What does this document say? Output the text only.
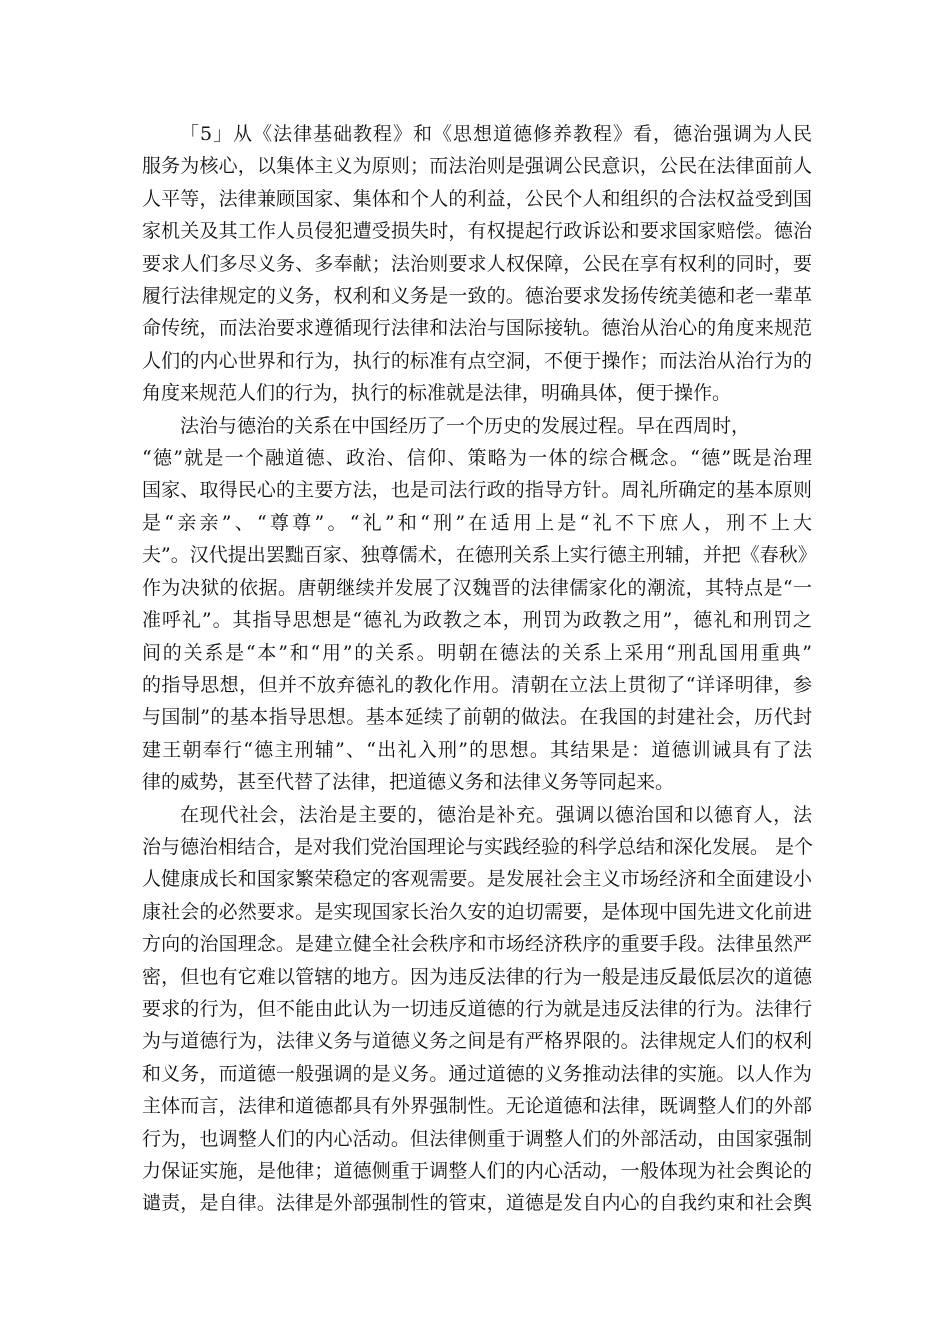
「5」从《法律基础教程》和《思想道德修养教程》看，德治强调为人民
服务为核心，以集体主义为原则；而法治则是强调公民意识，公民在法律面前人
人平等，法律兼顾国家、集体和个人的利益，公民个人和组织的合法权益受到国
家机关及其工作人员侵犯遭受损失时，有权提起行政诉讼和要求国家赔偿。德治
要求人们多尽义务、多奉献；法治则要求人权保障，公民在享有权利的同时，要
履行法律规定的义务，权利和义务是一致的。德治要求发扬传统美德和老一辈革
命传统，而法治要求遵循现行法律和法治与国际接轨。德治从治心的角度来规范
人们的内心世界和行为，执行的标准有点空洞，不便于操作；而法治从治行为的
角度来规范人们的行为，执行的标准就是法律，明确具体，便于操作。
法治与德治的关系在中国经历了一个历史的发展过程。早在西周时，
“德”就是一个融道德、政治、信仰、策略为一体的综合概念。“德”既是治理
国家、取得民心的主要方法，也是司法行政的指导方针。周礼所确定的基本原则
是“亲亲”、“尊尊”。“礼”和“刑”在适用上是“礼不下庶人，刑不上大
夫”。汉代提出罢黜百家、独尊儒术，在德刑关系上实行德主刑辅，并把《春秋》
作为决狱的依据。唐朝继续并发展了汉魏晋的法律儒家化的潮流，其特点是“一
准呼礼”。其指导思想是“德礼为政教之本，刑罚为政教之用”，德礼和刑罚之
间的关系是“本”和“用”的关系。明朝在德法的关系上采用“刑乱国用重典”
的指导思想，但并不放弃德礼的教化作用。清朝在立法上贯彻了“详译明律，参
与国制”的基本指导思想。基本延续了前朝的做法。在我国的封建社会，历代封
建王朝奉行“德主刑辅”、“出礼入刑”的思想。其结果是：道德训诫具有了法
律的威势，甚至代替了法律，把道德义务和法律义务等同起来。
在现代社会，法治是主要的，德治是补充。强调以德治国和以德育人，法
治与德治相结合，是对我们党治国理论与实践经验的科学总结和深化发展。 是个
人健康成长和国家繁荣稳定的客观需要。是发展社会主义市场经济和全面建设小
康社会的必然要求。是实现国家长治久安的迫切需要，是体现中国先进文化前进
方向的治国理念。是建立健全社会秩序和市场经济秩序的重要手段。法律虽然严
密，但也有它难以管辖的地方。因为违反法律的行为一般是违反最低层次的道德
要求的行为，但不能由此认为一切违反道德的行为就是违反法律的行为。法律行
为与道德行为，法律义务与道德义务之间是有严格界限的。法律规定人们的权利
和义务，而道德一般强调的是义务。通过道德的义务推动法律的实施。以人作为
主体而言，法律和道德都具有外界强制性。无论道德和法律，既调整人们的外部
行为，也调整人们的内心活动。但法律侧重于调整人们的外部活动，由国家强制
力保证实施，是他律；道德侧重于调整人们的内心活动，一般体现为社会舆论的
谴责，是自律。法律是外部强制性的管束，道德是发自内心的自我约束和社会舆
